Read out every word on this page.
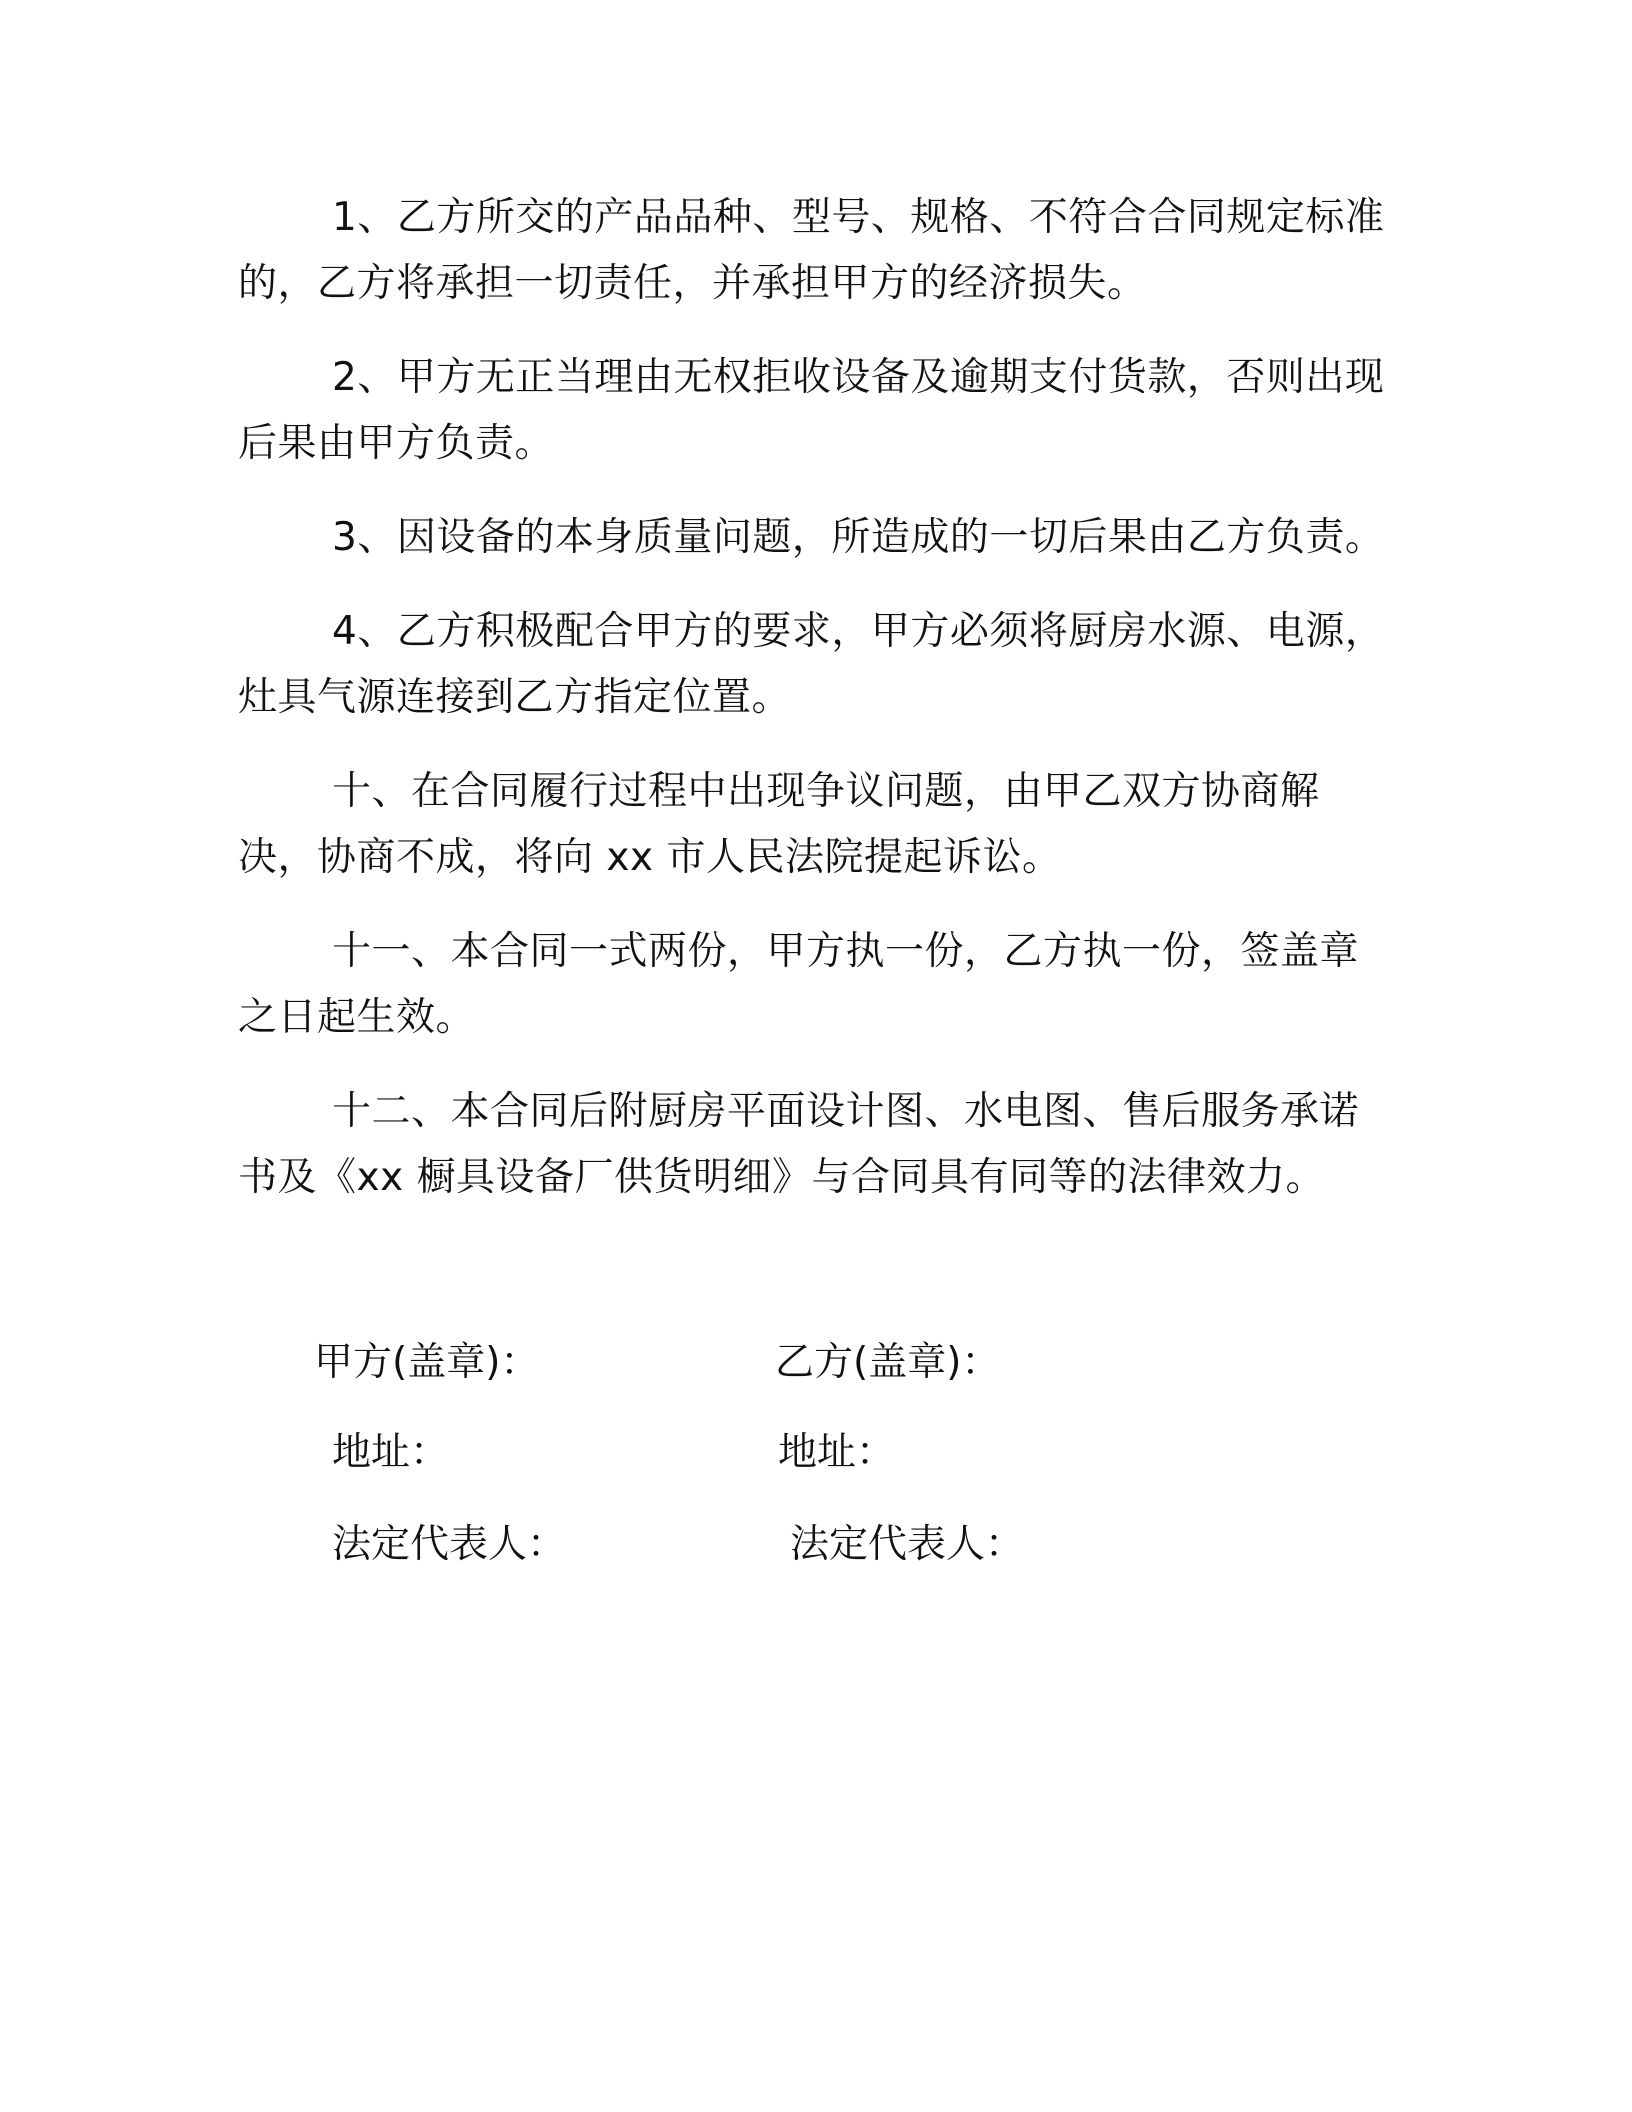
1、乙方所交的产品品种、型号、规格、不符合合同规定标准的，乙方将承担一切责任，并承担甲方的经济损失。

2、甲方无正当理由无权拒收设备及逾期支付货款，否则出现后果由甲方负责。

3、因设备的本身质量问题，所造成的一切后果由乙方负责。

4、乙方积极配合甲方的要求，甲方必须将厨房水源、电源，灶具气源连接到乙方指定位置。

十、在合同履行过程中出现争议问题，由甲乙双方协商解决，协商不成，将向 xx 市人民法院提起诉讼。

十一、本合同一式两份，甲方执一份，乙方执一份，签盖章之日起生效。

十二、本合同后附厨房平面设计图、水电图、售后服务承诺书及《xx 橱具设备厂供货明细》与合同具有同等的法律效力。

甲方(盖章)：	乙方(盖章)：
地址：	地址：
法定代表人：	法定代表人：
